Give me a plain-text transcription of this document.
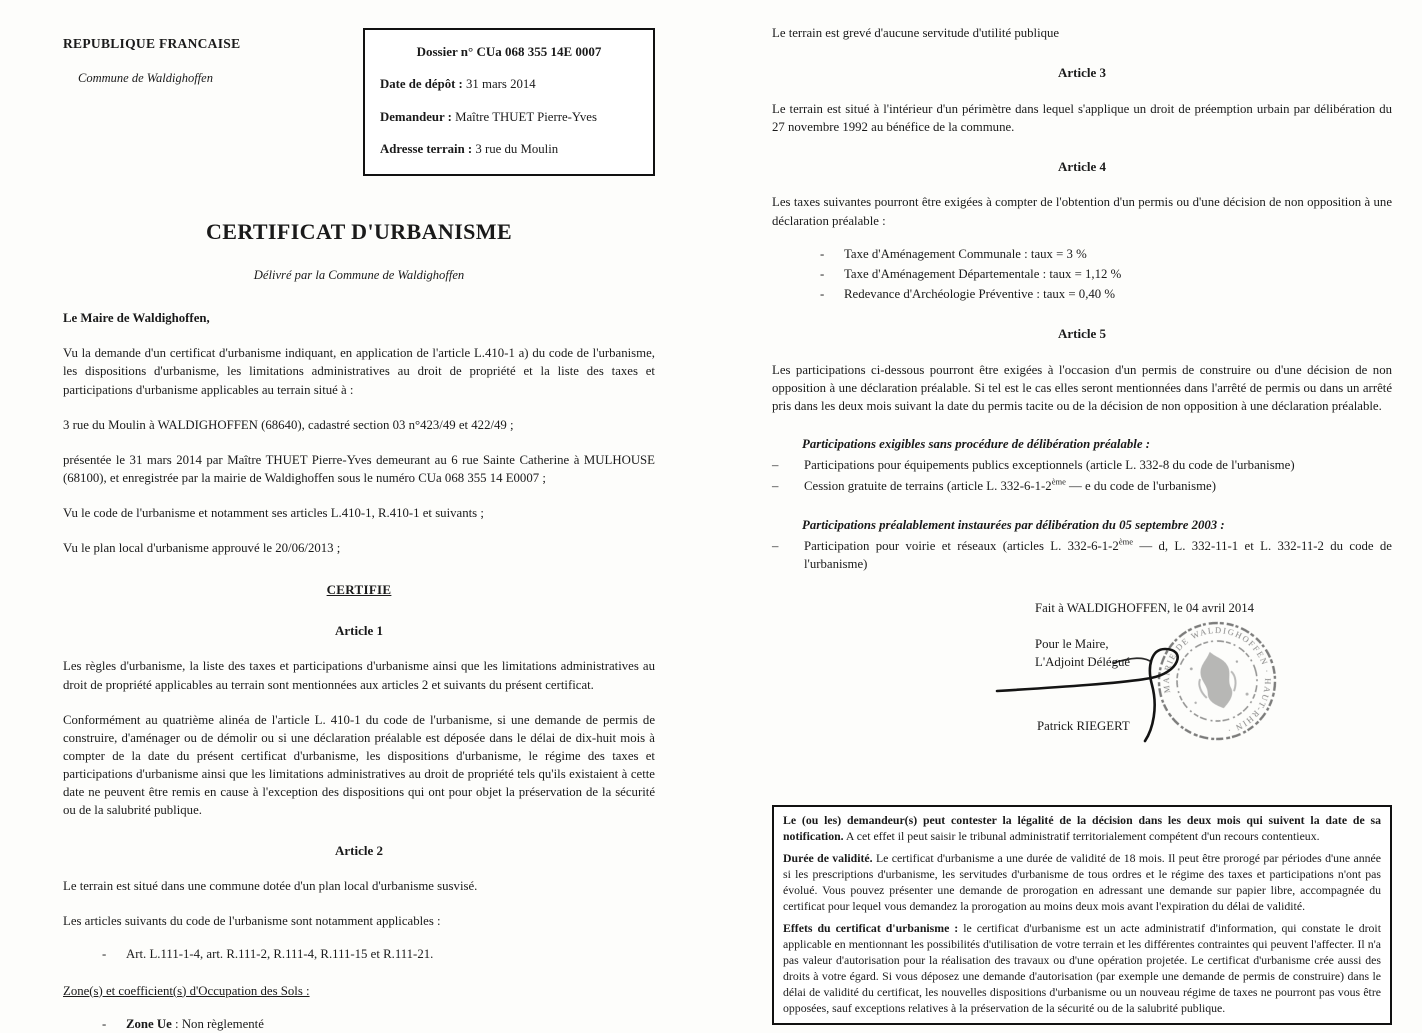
REPUBLIQUE FRANCAISE
Commune de Waldighoffen
Dossier n° CUa 068 355 14E 0007
Date de dépôt : 31 mars 2014
Demandeur : Maître THUET Pierre-Yves
Adresse terrain : 3 rue du Moulin
CERTIFICAT D'URBANISME
Délivré par la Commune de Waldighoffen

Le Maire de Waldighoffen,

Vu la demande d'un certificat d'urbanisme indiquant, en application de l'article L.410-1 a) du code de l'urbanisme, les dispositions d'urbanisme, les limitations administratives au droit de propriété et la liste des taxes et participations d'urbanisme applicables au terrain situé à :

3 rue du Moulin à WALDIGHOFFEN (68640), cadastré section 03 n°423/49 et 422/49 ;

présentée le 31 mars 2014 par Maître THUET Pierre-Yves demeurant au 6 rue Sainte Catherine à MULHOUSE (68100), et enregistrée par la mairie de Waldighoffen sous le numéro CUa 068 355 14 E0007 ;

Vu le code de l'urbanisme et notamment ses articles L.410-1, R.410-1 et suivants ;

Vu le plan local d'urbanisme approuvé le 20/06/2013 ;

CERTIFIE
Article 1

Les règles d'urbanisme, la liste des taxes et participations d'urbanisme ainsi que les limitations administratives au droit de propriété applicables au terrain sont mentionnées aux articles 2 et suivants du présent certificat.

Conformément au quatrième alinéa de l'article L. 410-1 du code de l'urbanisme, si une demande de permis de construire, d'aménager ou de démolir ou si une déclaration préalable est déposée dans le délai de dix-huit mois à compter de la date du présent certificat d'urbanisme, les dispositions d'urbanisme, le régime des taxes et participations d'urbanisme ainsi que les limitations administratives au droit de propriété tels qu'ils existaient à cette date ne peuvent être remis en cause à l'exception des dispositions qui ont pour objet la préservation de la sécurité ou de la salubrité publique.

Article 2

Le terrain est situé dans une commune dotée d'un plan local d'urbanisme susvisé.

Les articles suivants du code de l'urbanisme sont notamment applicables :

- Art. L.111-1-4, art. R.111-2, R.111-4, R.111-15 et R.111-21.

Zone(s) et coefficient(s) d'Occupation des Sols :

- Zone Ue : Non règlementé

Le terrain est grevé d'aucune servitude d'utilité publique

Article 3

Le terrain est situé à l'intérieur d'un périmètre dans lequel s'applique un droit de préemption urbain par délibération du 27 novembre 1992 au bénéfice de la commune.

Article 4

Les taxes suivantes pourront être exigées à compter de l'obtention d'un permis ou d'une décision de non opposition à une déclaration préalable :

- Taxe d'Aménagement Communale : taux = 3 %

- Taxe d'Aménagement Départementale : taux = 1,12 %

- Redevance d'Archéologie Préventive : taux = 0,40 %

Article 5

Les participations ci-dessous pourront être exigées à l'occasion d'un permis de construire ou d'une décision de non opposition à une déclaration préalable. Si tel est le cas elles seront mentionnées dans l'arrêté de permis ou dans un arrêté pris dans les deux mois suivant la date du permis tacite ou de la décision de non opposition à une déclaration préalable.

Participations exigibles sans procédure de délibération préalable :

– Participations pour équipements publics exceptionnels (article L. 332-8 du code de l'urbanisme)

– Cession gratuite de terrains (article L. 332-6-1-2ème — e du code de l'urbanisme)

Participations préalablement instaurées par délibération du 05 septembre 2003 :

– Participation pour voirie et réseaux (articles L. 332-6-1-2ème — d, L. 332-11-1 et L. 332-11-2 du code de l'urbanisme)

Fait à WALDIGHOFFEN, le 04 avril 2014

Pour le Maire,

L'Adjoint Délégué

MAIRIE DE WALDIGHOFFEN · HAUT-RHIN ·

Patrick RIEGERT

Le (ou les) demandeur(s) peut contester la légalité de la décision dans les deux mois qui suivent la date de sa notification. A cet effet il peut saisir le tribunal administratif territorialement compétent d'un recours contentieux.

Durée de validité. Le certificat d'urbanisme a une durée de validité de 18 mois. Il peut être prorogé par périodes d'une année si les prescriptions d'urbanisme, les servitudes d'urbanisme de tous ordres et le régime des taxes et participations n'ont pas évolué. Vous pouvez présenter une demande de prorogation en adressant une demande sur papier libre, accompagnée du certificat pour lequel vous demandez la prorogation au moins deux mois avant l'expiration du délai de validité.

Effets du certificat d'urbanisme : le certificat d'urbanisme est un acte administratif d'information, qui constate le droit applicable en mentionnant les possibilités d'utilisation de votre terrain et les différentes contraintes qui peuvent l'affecter. Il n'a pas valeur d'autorisation pour la réalisation des travaux ou d'une opération projetée. Le certificat d'urbanisme crée aussi des droits à votre égard. Si vous déposez une demande d'autorisation (par exemple une demande de permis de construire) dans le délai de validité du certificat, les nouvelles dispositions d'urbanisme ou un nouveau régime de taxes ne pourront pas vous être opposées, sauf exceptions relatives à la préservation de la sécurité ou de la salubrité publique.
